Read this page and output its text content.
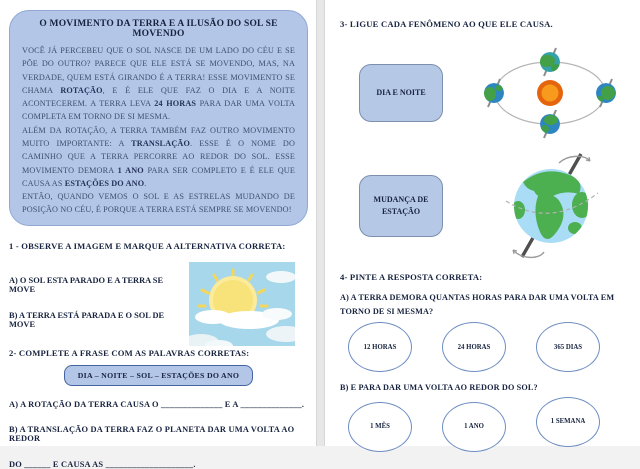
O MOVIMENTO DA TERRA E A ILUSÃO DO SOL SE MOVENDO

VOCÊ JÁ PERCEBEU QUE O SOL NASCE DE UM LADO DO CÉU E SE PÕE DO OUTRO? PARECE QUE ELE ESTÁ SE MOVENDO, MAS, NA VERDADE, QUEM ESTÁ GIRANDO É A TERRA! ESSE MOVIMENTO SE CHAMA ROTAÇÃO, E É ELE QUE FAZ O DIA E A NOITE ACONTECEREM. A TERRA LEVA 24 HORAS PARA DAR UMA VOLTA COMPLETA EM TORNO DE SI MESMA.

ALÉM DA ROTAÇÃO, A TERRA TAMBÉM FAZ OUTRO MOVIMENTO MUITO IMPORTANTE: A TRANSLAÇÃO. ESSE É O NOME DO CAMINHO QUE A TERRA PERCORRE AO REDOR DO SOL. ESSE MOVIMENTO DEMORA 1 ANO PARA SER COMPLETO E É ELE QUE CAUSA AS ESTAÇÕES DO ANO.

ENTÃO, QUANDO VEMOS O SOL E AS ESTRELAS MUDANDO DE POSIÇÃO NO CÉU, É PORQUE A TERRA ESTÁ SEMPRE SE MOVENDO!

1 - OBSERVE A IMAGEM E MARQUE A ALTERNATIVA CORRETA:
A) O SOL ESTA PARADO E A TERRA SE MOVE
B) A TERRA ESTÁ PARADA E O SOL DE MOVE
2- COMPLETE A FRASE COM AS PALAVRAS CORRETAS:
DIA – NOITE – SOL – ESTAÇÕES DO ANO
A) A ROTAÇÃO DA TERRA CAUSA O ______________ E A ______________.
B) A TRANSLAÇÃO DA TERRA FAZ O PLANETA DAR UMA VOLTA AO REDOR
DO ______ E CAUSA AS ____________________.
3- LIGUE CADA FENÔMENO AO QUE ELE CAUSA.
DIA E NOITE
MUDANÇA DE ESTAÇÃO
4- PINTE A RESPOSTA CORRETA:
A) A TERRA DEMORA QUANTAS HORAS PARA DAR UMA VOLTA EM TORNO DE SI MESMA?
12 HORAS	24 HORAS	365 DIAS
B) E PARA DAR UMA VOLTA AO REDOR DO SOL?
1 MÊS	1 ANO
1 SEMANA
